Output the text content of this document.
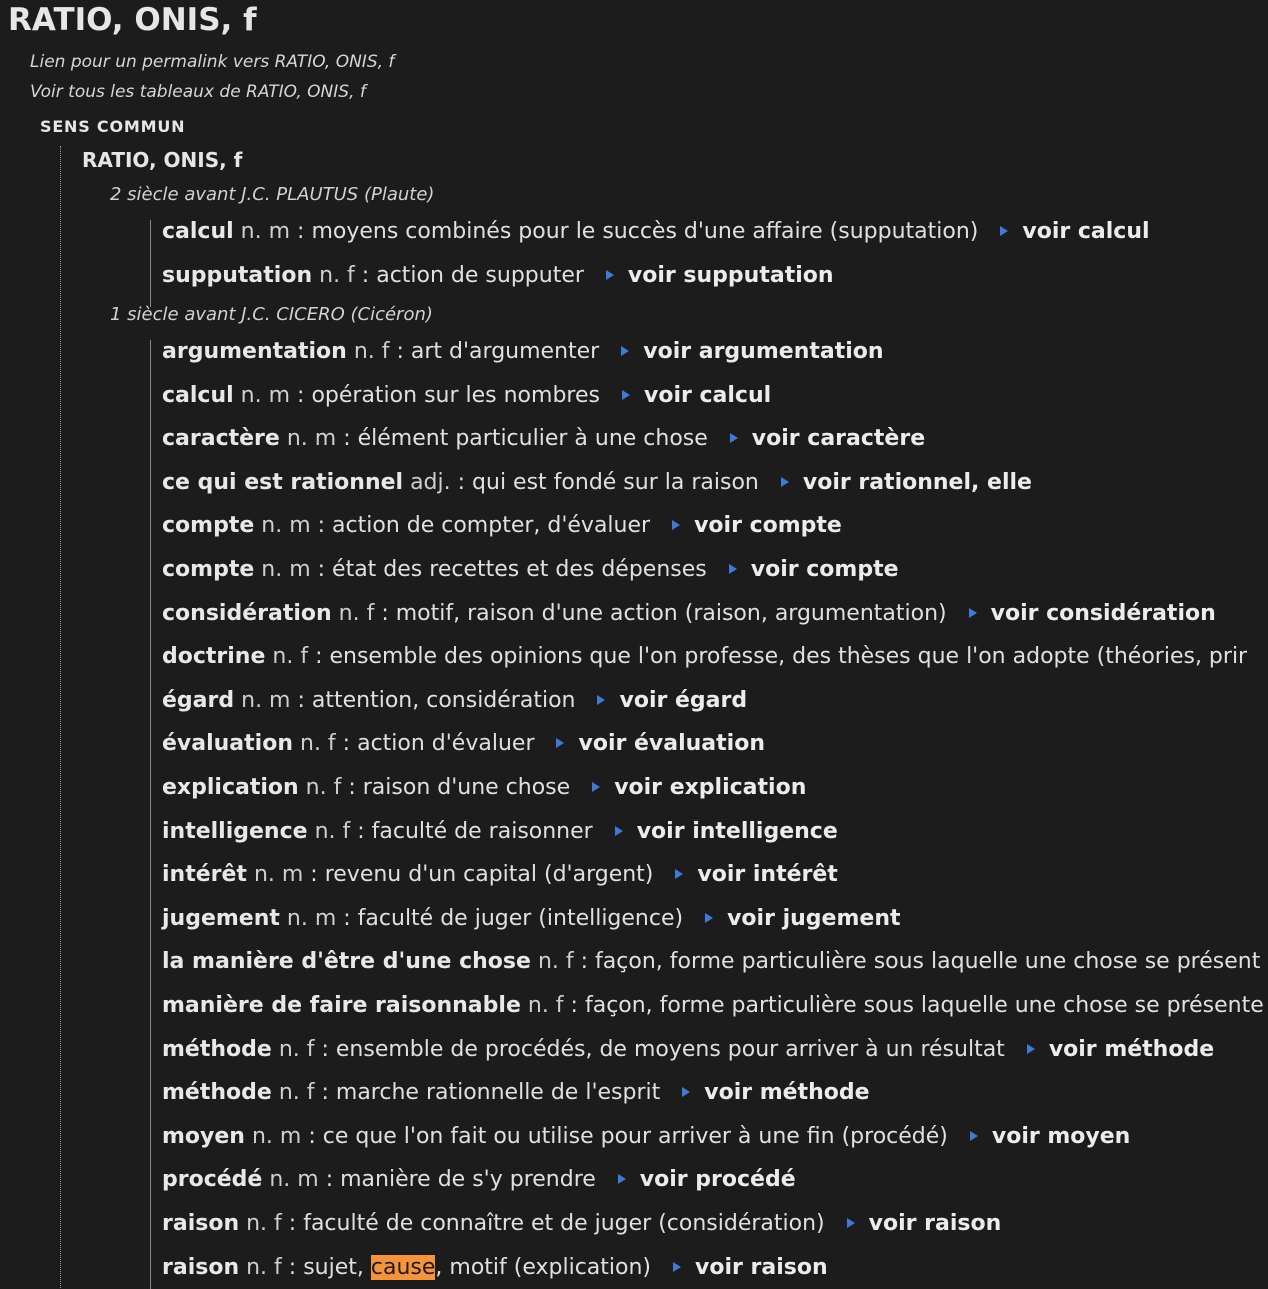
RATIO, ONIS, f
Lien pour un permalink vers RATIO, ONIS, f
Voir tous les tableaux de RATIO, ONIS, f
SENS COMMUN
RATIO, ONIS, f
2 siècle avant J.C. PLAUTUS (Plaute)
calcul n. m : moyens combinés pour le succès d'une affaire (supputation) voir calcul
supputation n. f : action de supputer voir supputation
1 siècle avant J.C. CICERO (Cicéron)
argumentation n. f : art d'argumenter voir argumentation
calcul n. m : opération sur les nombres voir calcul
caractère n. m : élément particulier à une chose voir caractère
ce qui est rationnel adj. : qui est fondé sur la raison voir rationnel, elle
compte n. m : action de compter, d'évaluer voir compte
compte n. m : état des recettes et des dépenses voir compte
considération n. f : motif, raison d'une action (raison, argumentation) voir considération
doctrine n. f : ensemble des opinions que l'on professe, des thèses que l'on adopte (théories, prir
égard n. m : attention, considération voir égard
évaluation n. f : action d'évaluer voir évaluation
explication n. f : raison d'une chose voir explication
intelligence n. f : faculté de raisonner voir intelligence
intérêt n. m : revenu d'un capital (d'argent) voir intérêt
jugement n. m : faculté de juger (intelligence) voir jugement
la manière d'être d'une chose n. f : façon, forme particulière sous laquelle une chose se présent
manière de faire raisonnable n. f : façon, forme particulière sous laquelle une chose se présente
méthode n. f : ensemble de procédés, de moyens pour arriver à un résultat voir méthode
méthode n. f : marche rationnelle de l'esprit voir méthode
moyen n. m : ce que l'on fait ou utilise pour arriver à une fin (procédé) voir moyen
procédé n. m : manière de s'y prendre voir procédé
raison n. f : faculté de connaître et de juger (considération) voir raison
raison n. f : sujet, cause, motif (explication) voir raison
